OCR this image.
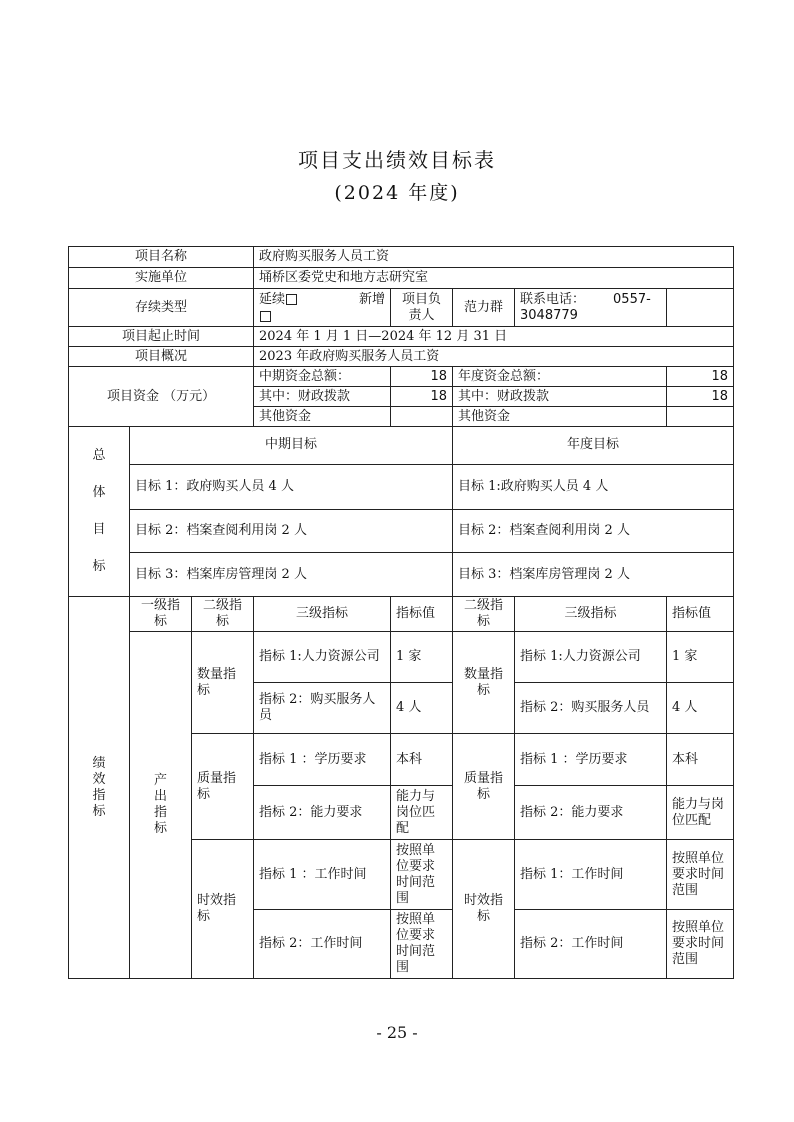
项目支出绩效目标表
(2024 年度)
项目名称			政府购买服务人员工资				
实施单位			埇桥区委党史和地方志研究室				
存续类型			延续 新增	项目负责人	范力群	联系电话： 0557-3048779	
项目起止时间			2024 年 1 月 1 日—2024 年 12 月 31 日				
项目概况			2023 年政府购买服务人员工资				
项目资金 （万元）			中期资金总额：	18	年度资金总额：		18
			其中：财政拨款	18	其中：财政拨款		18
			其他资金		其他资金		

总
体
目
标	中期目标				年度目标		
	目标 1：政府购买人员 4 人				目标 1:政府购买人员 4 人		
	目标 2：档案查阅利用岗 2 人				目标 2：档案查阅利用岗 2 人		
	目标 3：档案库房管理岗 2 人				目标 3：档案库房管理岗 2 人		

绩
效
指
标	一级指标	二级指标	三级指标	指标值	二级指标	三级指标	指标值

	产
出
指
标	数量指标	指标 1:人力资源公司	1 家	数量指标	指标 1:人力资源公司	1 家
			指标 2：购买服务人员	4 人		指标 2：购买服务人员	4 人
		质量指标	指标 1 ：学历要求	本科	质量指标	指标 1 ：学历要求	本科
			指标 2：能力要求	能力与岗位匹配		指标 2：能力要求	能力与岗位匹配
		时效指标	指标 1 ：工作时间	按照单位要求时间范围	时效指标	指标 1：工作时间	按照单位要求时间范围
			指标 2：工作时间	按照单位要求时间范围		指标 2：工作时间	按照单位要求时间范围
- 25 -
